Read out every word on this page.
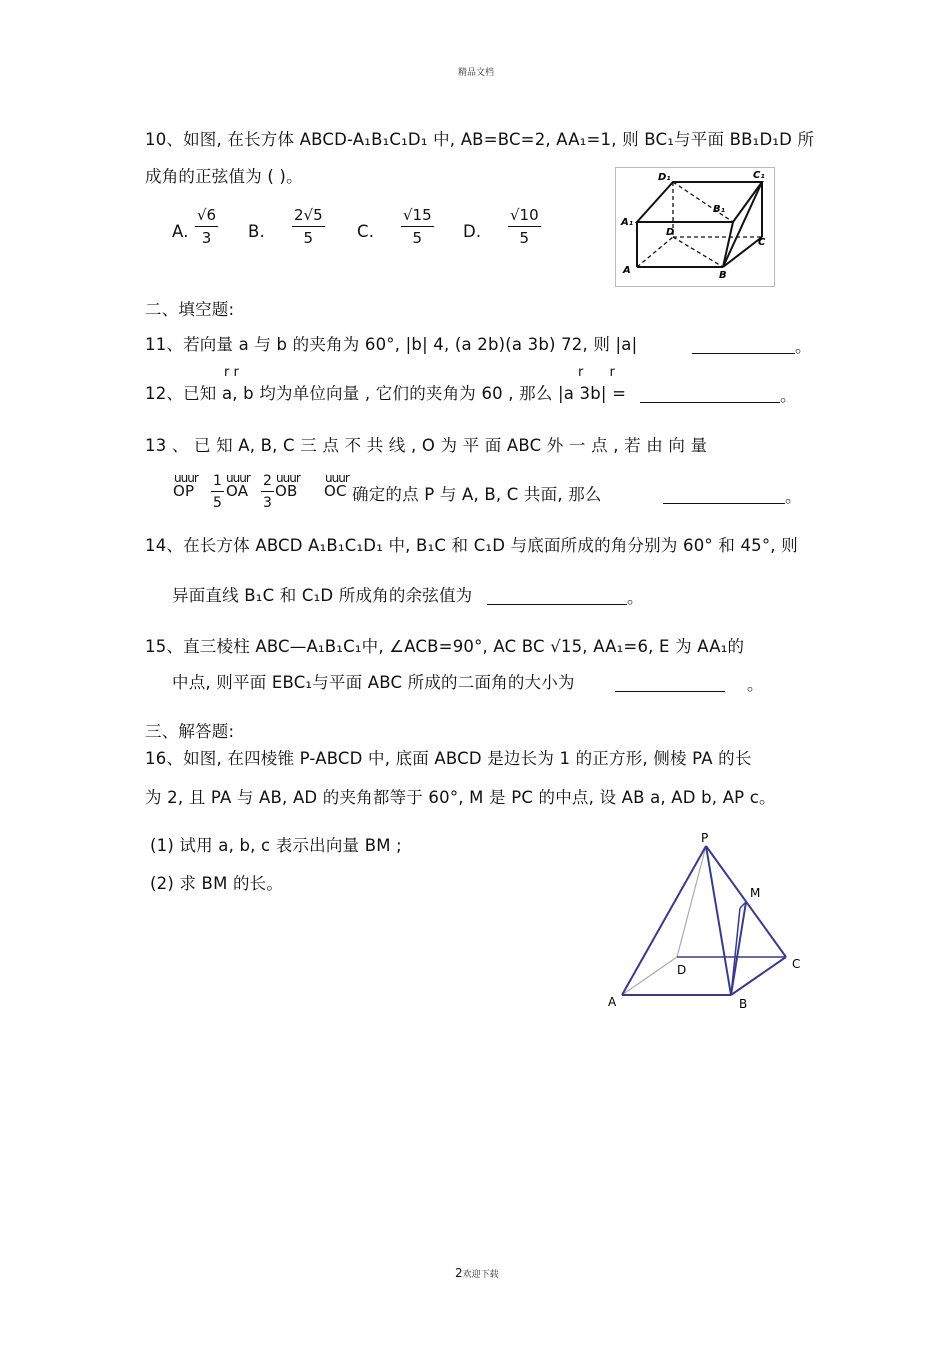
精品文档
10、如图, 在长方体 ABCD-A₁B₁C₁D₁ 中, AB=BC=2, AA₁=1, 则 BC₁与平面 BB₁D₁D 所
成角的正弦值为 ( )。
A. $\frac{√6}{3} B$. $\frac{2√5}{5} C$. $\frac{√15}{5} D$. $\frac{√10}{5}$
D₁	C₁
B₁
A₁
D
C
A	B
二、填空题:
11、若向量 a 与 b 的夹角为 60°, |b| 4, (a 2b)(a 3b) 72, 则 |a|	。
r r	r r
12、已知 a, b 均为单位向量 , 它们的夹角为 60 , 那么 |a 3b| =	。
13 、 已 知 A, B, C 三 点 不 共 线 , O 为 平 面 ABC 外 一 点 , 若 由 向 量
uuur
OP $\frac{1}{5}$ uuur
OA $\frac{2}{3}$ uuur
OB
uuur
OC 确定的点 P 与 A, B, C 共面, 那么	。
14、在长方体 ABCD A₁B₁C₁D₁ 中, B₁C 和 C₁D 与底面所成的角分别为 60° 和 45°, 则
异面直线 B₁C 和 C₁D 所成角的余弦值为	。
15、直三棱柱 ABC—A₁B₁C₁中, ∠ACB=90°, AC BC √15, AA₁=6, E 为 AA₁的
中点, 则平面 EBC₁与平面 ABC 所成的二面角的大小为	。
三、解答题:
16、如图, 在四棱锥 P-ABCD 中, 底面 ABCD 是边长为 1 的正方形, 侧棱 PA 的长
为 2, 且 PA 与 AB, AD 的夹角都等于 60°, M 是 PC 的中点, 设 AB a, AD b, AP c。
(1) 试用 a, b, c 表示出向量 BM ;
(2) 求 BM 的长。
P
M
D	C
A	B
2欢迎下载
